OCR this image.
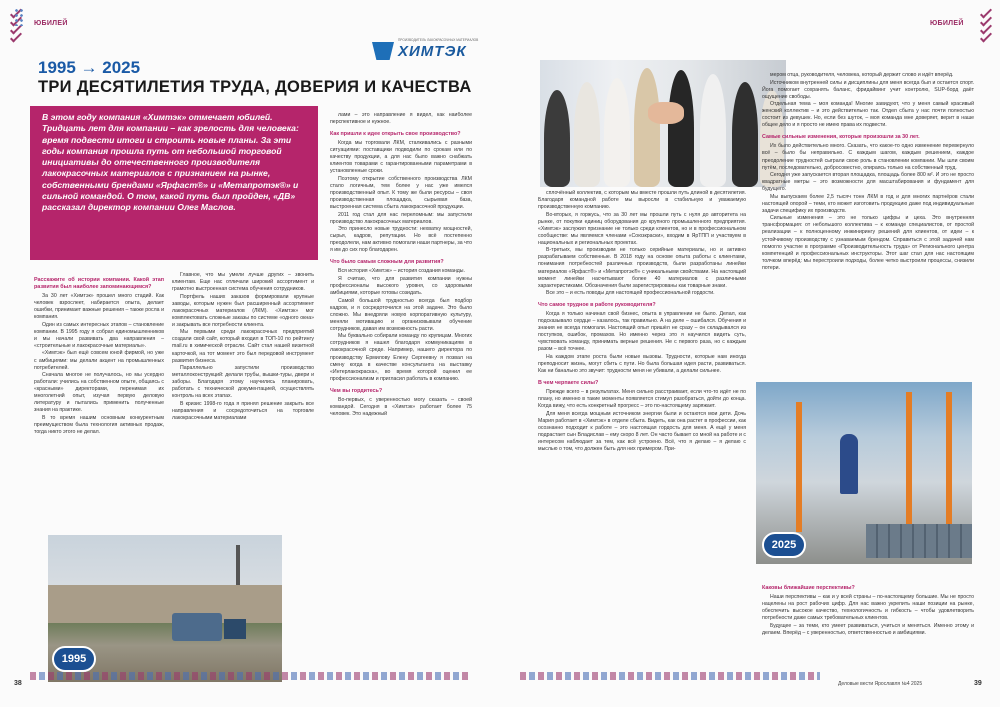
ЮБИЛЕЙ
ХИМТЭК
ПРОИЗВОДИТЕЛЬ ЛАКОКРАСОЧНЫХ МАТЕРИАЛОВ
1995 → 2025
ТРИ ДЕСЯТИЛЕТИЯ ТРУДА, ДОВЕРИЯ И КАЧЕСТВА
В этом году компания «Химтэк» отмечает юбилей. Тридцать лет для компании – как зрелость для человека: время подвести итоги и строить новые планы. За эти годы компания прошла путь от небольшой торговой инициативы до отечественного производителя лакокрасочных материалов с признанием на рынке, собственными брендами «Ярфаст®» и «Метапротэк®» и сильной командой. О том, какой путь был пройден, «ДВ» рассказал директор компании Олег Маслов.
Расскажите об истории компании. Какой этап развития был наиболее запоминающимся?

За 30 лет «Химтэк» прошел много стадий. Как человек взрослеет, набирается опыта, делает ошибки, принимает важные решения – также росла и компания.

Один из самых интересных этапов – становление компании. В 1995 году я собрал единомышленников и мы начали развивать два направления – «строительные и лакокрасочные материалы».

«Химтэк» был ещё совсем юной фирмой, но уже с амбициями: мы делали акцент на промышленных потребителей.

Сначала многое не получалось, но мы усердно работали: учились на собственном опыте, общаясь с «красными» директорами, перенимая их многолетний опыт, изучая первую деловую литературу и пытались применить полученные знания на практике.

В то время нашим основным конкурентным преимуществом была технология активных продаж, тогда никто этого не делал.

Главное, что мы умели лучше других – звонить клиентам. Еще нас отличали широкий ассортимент и грамотно выстроенная система обучения сотрудников.

Портфель наших заказов формировали крупные заводы, которым нужен был расширенный ассортимент лакокрасочных материалов (ЛКМ). «Химтэк» мог комплектовать сложные заказы по системе «одного окна» и закрывать все потребности клиента.

Мы первыми среди лакокрасочных предприятий создали свой сайт, который входил в ТОП-10 по рейтингу mail.ru в химической отрасли. Сайт стал нашей визитной карточкой, на тот момент это был передовой инструмент развития бизнеса.

Параллельно запустили производство металлоконструкций: делали трубы, вышки-туры, двери и заборы. Благодаря этому научились планировать, работать с технической документацией, осуществлять контроль на всех этапах.

В кризис 1998-го года я принял решение закрыть все направления и сосредоточиться на торговле лакокрасочными материалами

лами – это направление я видел, как наиболее перспективное и нужное.

Как пришли к идее открыть свое производство?

Когда мы торговали ЛКМ, сталкивались с разными ситуациями: поставщики подводили по срокам или по качеству продукции, а для нас было важно снабжать клиентов товарами с гарантированными параметрами в установленные сроки.

Поэтому открытие собственного производства ЛКМ стало логичным, тем более у нас уже имелся производственный опыт. К тому же были ресурсы – своя производственная площадка, сырьевая база, выстроенная система сбыта лакокрасочной продукции.

2011 год стал для нас переломным: мы запустили производство лакокрасочных материалов.

Это принесло новые трудности: нехватку мощностей, сырья, кадров, репутации. Но всё постепенно преодолели, нам активно помогали наши партнеры, за что я им до сих пор благодарен.

Что было самым сложным для развития?

Вся история «Химтэк» – история создания команды.

Я считаю, что для развития компании нужны профессионалы высокого уровня, со здоровыми амбициями, которые готовы созидать.

Самой большой трудностью всегда был подбор кадров, и я сосредоточился на этой задаче. Это было сложно. Мы внедряли новую корпоративную культуру, меняли мотивацию и организовывали обучение сотрудников, давая им возможность расти.

Мы буквально собирали команду по крупицам. Многих сотрудников я нашел благодаря коммуникациям в лакокрасочной среде. Например, нашего директора по производству Ермилову Елену Сергеевну я позвал на смену когда в качестве консультанта на выставку «Интерлакокраска», во время которой оценил ее профессионализм и пригласил работать в компанию.

Чем вы гордитесь?

Во-первых, с уверенностью могу сказать – своей командой. Сегодня в «Химтэк» работает более 75 человек. Это надежный

1995
38
ЮБИЛЕЙ

сплочённый коллектив, с которым мы вместе прошли путь длиной в десятилетия. Благодаря командной работе мы выросли в стабильную и уважаемую производственную компанию.

Во-вторых, я горжусь, что за 30 лет мы прошли путь с нуля до авторитета на рынке, от покупки единиц оборудования до крупного промышленного предприятия. «Химтэк» заслужил признание не только среди клиентов, но и в профессиональном сообществе: мы являемся членами «Союзкраски», входим в ЯрТПП и участвуем в национальных и региональных проектах.

В-третьих, мы производим не только серийные материалы, но и активно разрабатываем собственные. В 2018 году на основе опыта работы с клиентами, понимания потребностей различных производств, были разработаны линейки материалов «Ярфаст®» и «Метапротэк®» с уникальными свойствами. На настоящий момент линейки насчитывают более 40 материалов с различными характеристиками. Обозначения были зарегистрированы как товарные знаки.

Все это – и есть поводы для настоящей профессиональной гордости.

Что самое трудное в работе руководителя?

Когда я только начинал свой бизнес, опыта в управлении не было. Делал, как подсказывало сердце – казалось, так правильно. А на деле – ошибался. Обучения и знания не всегда помогали. Настоящий опыт пришёл не сразу – он складывался из поступков, ошибок, промахов. Но именно через это я научился видеть суть, чувствовать команду, принимать верные решения. Не с первого раза, но с каждым разом – всё точнее.

На каждом этапе роста были новые вызовы. Трудности, которые нам иногда преподносит жизнь, могут сбить с пути. Но была большая идея расти, развиваться. Как ни банально это звучит: трудности меня не убивали, а делали сильнее.

В чем черпаете силы?

Прежде всего – в результатах. Меня сильно расстраивает, если что-то идёт не по плану, но именно в такие моменты появляется стимул разобраться, дойти до конца. Когда вижу, что есть конкретный прогресс – это по-настоящему заряжает.

Для меня всегда мощным источником энергии были и остаются мои дети. Дочь Мария работает в «Химтэк» в отделе сбыта. Видеть, как она растет в профессии, как осознанно подходит к работе – это настоящая гордость для меня. А ещё у меня подрастает сын Владислав – ему скоро 8 лет. Он часто бывает со мной на работе и с интересом наблюдает за тем, как всё устроено. Всё, что я делаю – я делаю с мыслью о том, что должен быть для них примером. При-

мером отца, руководителя, человека, который держит слово и идёт вперёд.

Источником внутренней силы и дисциплины для меня всегда был и остается спорт. Йога помогает сохранять баланс, фридайвинг учит контролю, SUP-борд даёт ощущение свободы.

Отдельная тема – моя команда! Многие завидуют, что у меня самый красивый женский коллектив – и это действительно так. Отдел сбыта у нас почти полностью состоит из девушек. Но, если без шуток, – моя команда мне доверяет, верит в наше общее дело и я просто не имею права их подвести.

Самые сильные изменения, которые произошли за 30 лет.

Их было действительно много. Сказать, что какое-то одно изменение перевернуло всё – было бы неправильно. С каждым шагом, каждым решением, каждое преодоление трудностей сыграли свою роль в становлении компании. Мы шли своим путём, последовательно, добросовестно, опираясь только на собственный труд.

Сегодня уже запускается вторая площадка, площадь более 800 м². И это не просто квадратные метры – это возможности для масштабирования и фундамент для будущего.

Мы выпускаем более 2,5 тысяч тонн ЛКМ в год и для многих партнёров стали настоящей опорой – теми, кто может изготовить продукцию даже под индивидуальные задачи специфику их производств.

Сильные изменения – это не только цифры и цеха. Это внутренняя трансформация: от небольшого коллектива – к команде специалистов, от простой реализации – к полноценному инжинирингу решений для клиентов, от идеи – к устойчивому производству с узнаваемым брендом. Справиться с этой задачей нам помогло участие в программе «Производительность труда» от Регионального центра компетенций и профессиональных инструкторы. Этот шаг стал для нас настоящим толчком вперёд: мы перестроили подходы, более четко выстроили процессы, снизили потери.

Каковы ближайшие перспективы?

Наши перспективы – как и у всей страны – по-настоящему большие. Мы не просто нацелены на рост рабочих цифр. Для нас важно укрепить наши позиции на рынке, обеспечить высокое качество, технологичность и гибкость – чтобы удовлетворить потребности даже самых требовательных клиентов.

Будущее – за теми, кто умеет развиваться, учиться и меняться. Именно этому и делаем. Вперёд – с уверенностью, ответственностью и амбициями.

2025
Деловые вести Ярославля №4 2025	39
